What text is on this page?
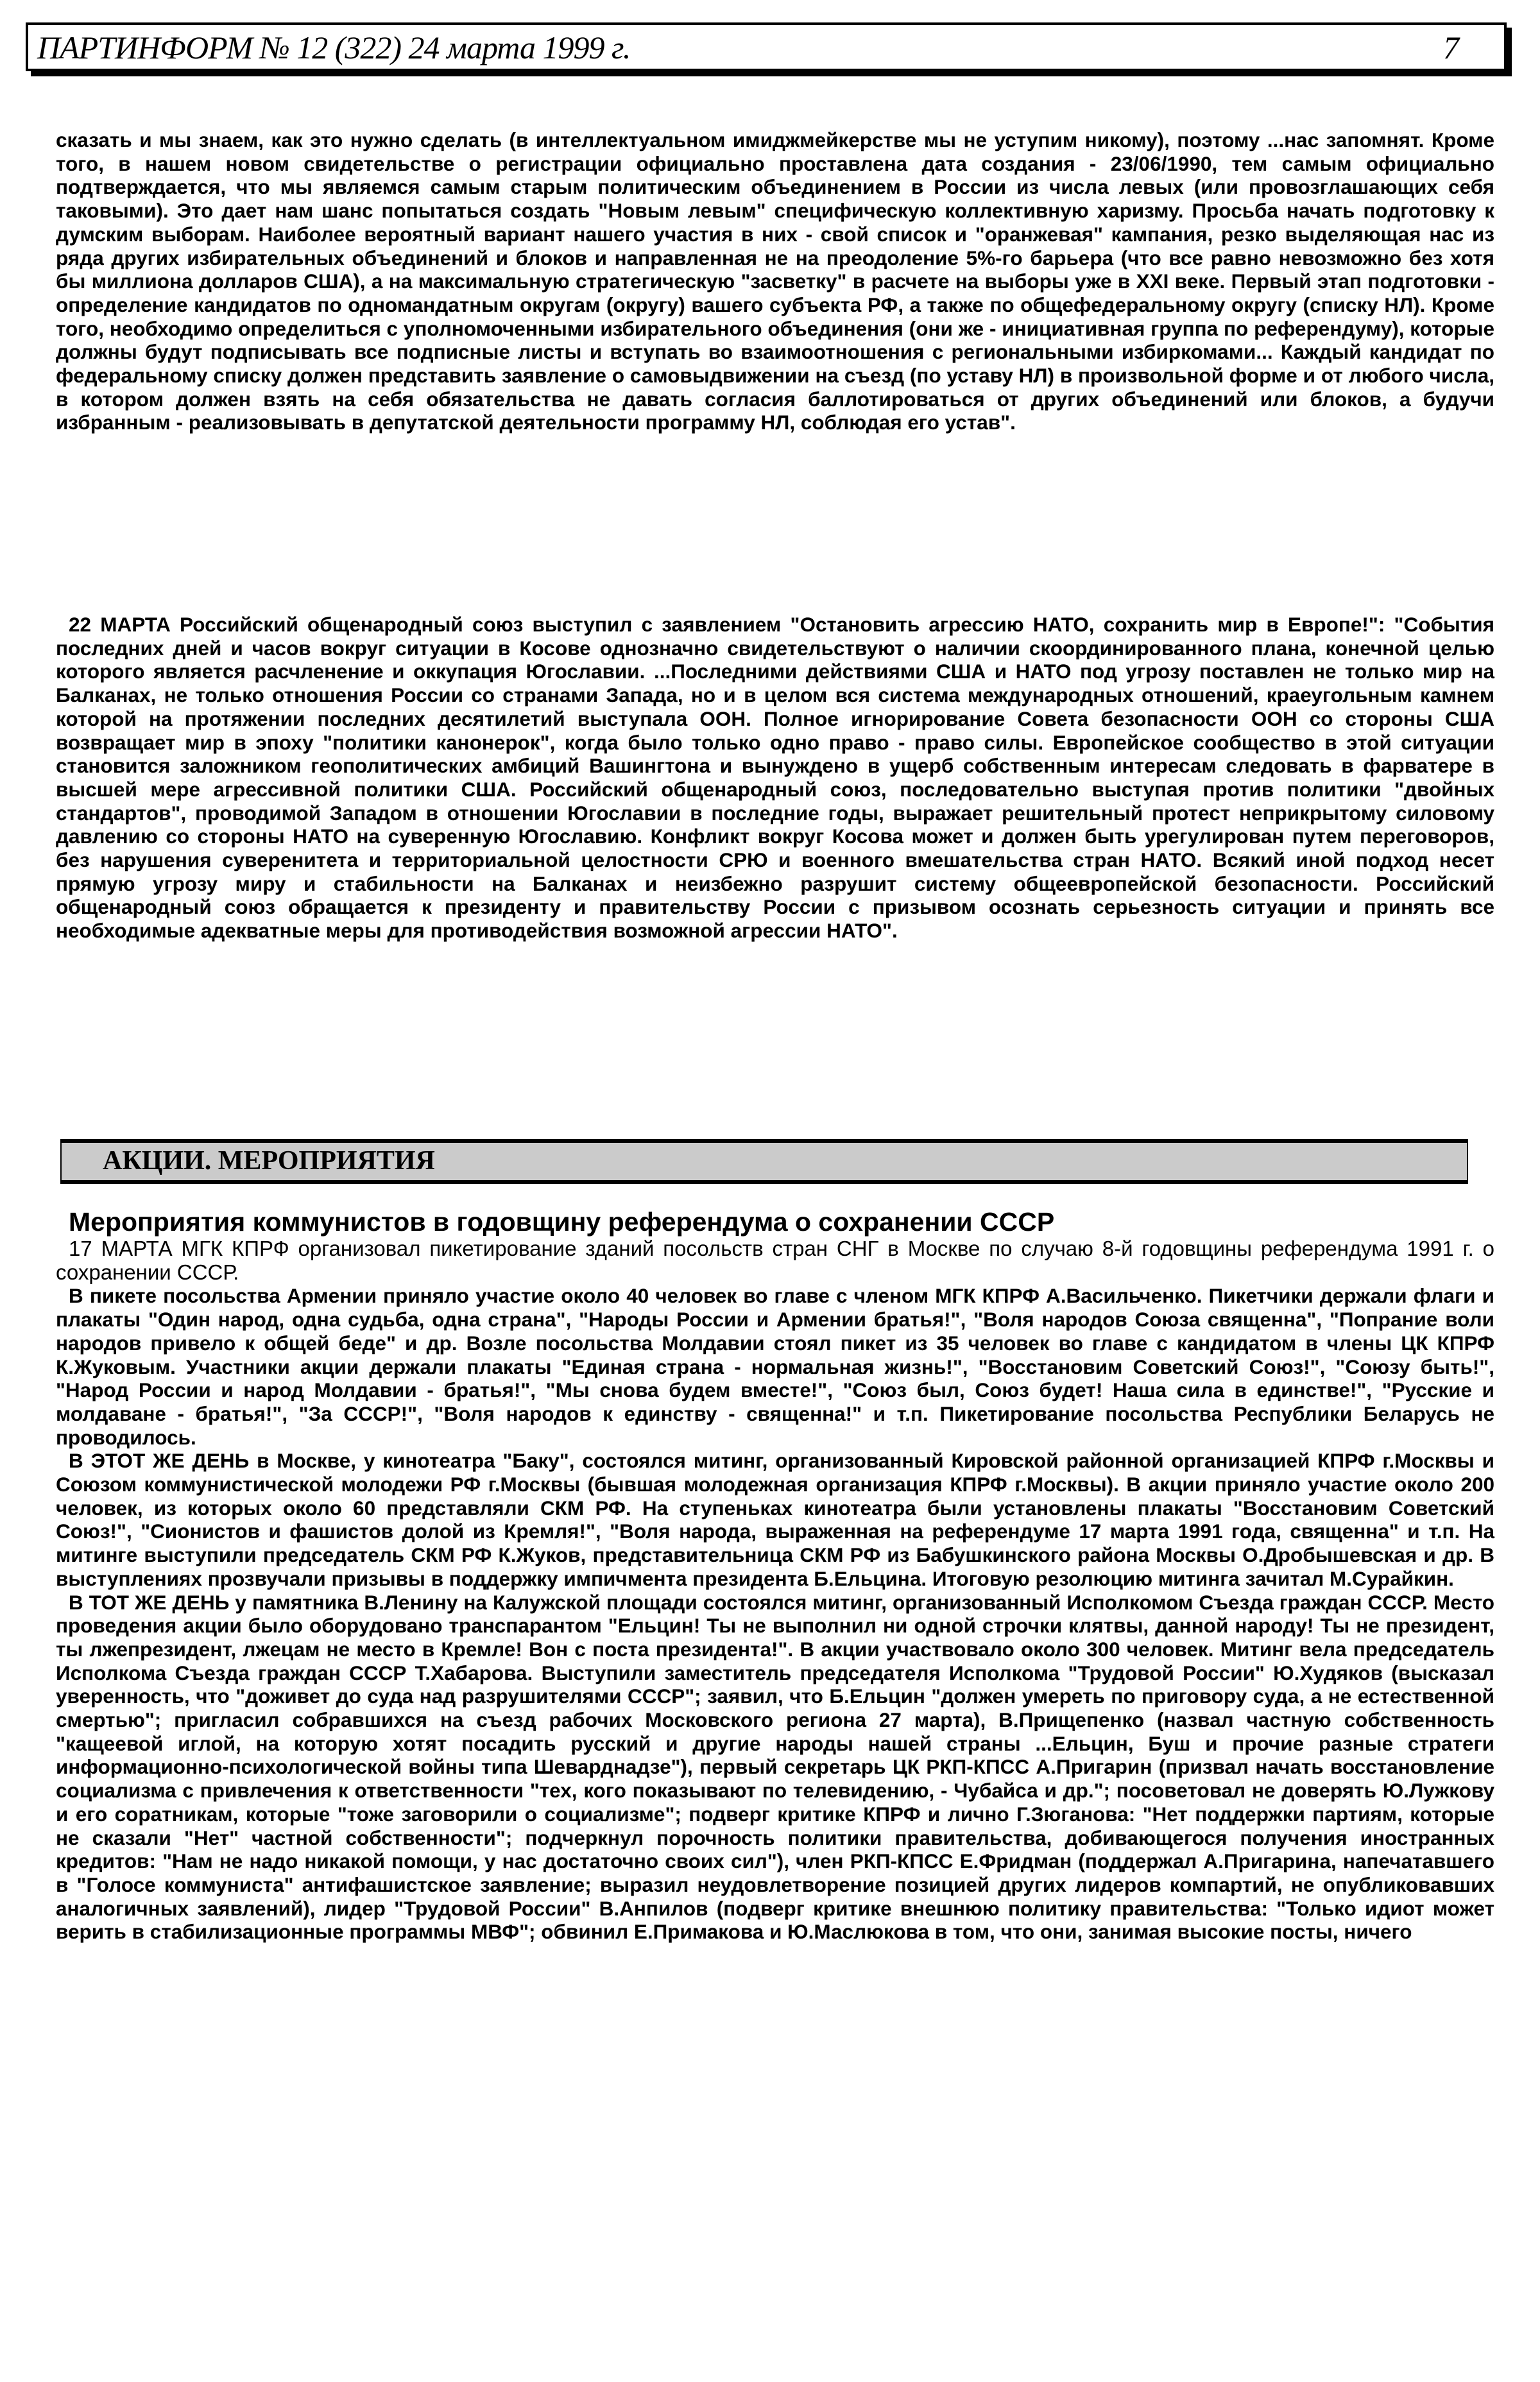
ПАРТИНФОРМ № 12 (322) 24 марта 1999 г.	7

сказать и мы знаем, как это нужно сделать (в интеллектуальном имиджмейкерстве мы не уступим никому), поэтому ...нас запомнят. Кроме того, в нашем новом свидетельстве о регистрации официально проставлена дата создания - 23/06/1990, тем самым официально подтверждается, что мы являемся самым старым политическим объединением в России из числа левых (или провозглашающих себя таковыми). Это дает нам шанс попытаться создать "Новым левым" специфическую коллективную харизму. Просьба начать подготовку к думским выборам. Наиболее вероятный вариант нашего участия в них - свой список и "оранжевая" кампания, резко выделяющая нас из ряда других избирательных объединений и блоков и направленная не на преодоление 5%-го барьера (что все равно невозможно без хотя бы миллиона долларов США), а на максимальную стратегическую "засветку" в расчете на выборы уже в XXI веке. Первый этап подготовки - определение кандидатов по одномандатным округам (округу) вашего субъекта РФ, а также по общефедеральному округу (списку НЛ). Кроме того, необходимо определиться с уполномоченными избирательного объединения (они же - инициативная группа по референдуму), которые должны будут подписывать все подписные листы и вступать во взаимоотношения с региональными избиркомами... Каждый кандидат по федеральному списку должен представить заявление о самовыдвижении на съезд (по уставу НЛ) в произвольной форме и от любого числа, в котором должен взять на себя обязательства не давать согласия баллотироваться от других объединений или блоков, а будучи избранным - реализовывать в депутатской деятельности программу НЛ, соблюдая его устав".

22 МАРТА Российский общенародный союз выступил с заявлением "Остановить агрессию НАТО, сохранить мир в Европе!": "События последних дней и часов вокруг ситуации в Косове однозначно свидетельствуют о наличии скоординированного плана, конечной целью которого является расчленение и оккупация Югославии. ...Последними действиями США и НАТО под угрозу поставлен не только мир на Балканах, не только отношения России со странами Запада, но и в целом вся система международных отношений, краеугольным камнем которой на протяжении последних десятилетий выступала ООН. Полное игнорирование Совета безопасности ООН со стороны США возвращает мир в эпоху "политики канонерок", когда было только одно право - право силы. Европейское сообщество в этой ситуации становится заложником геополитических амбиций Вашингтона и вынуждено в ущерб собственным интересам следовать в фарватере в высшей мере агрессивной политики США. Российский общенародный союз, последовательно выступая против политики "двойных стандартов", проводимой Западом в отношении Югославии в последние годы, выражает решительный протест неприкрытому силовому давлению со стороны НАТО на суверенную Югославию. Конфликт вокруг Косова может и должен быть урегулирован путем переговоров, без нарушения суверенитета и территориальной целостности СРЮ и военного вмешательства стран НАТО. Всякий иной подход несет прямую угрозу миру и стабильности на Балканах и неизбежно разрушит систему общеевропейской безопасности. Российский общенародный союз обращается к президенту и правительству России с призывом осознать серьезность ситуации и принять все необходимые адекватные меры для противодействия возможной агрессии НАТО".

АКЦИИ. МЕРОПРИЯТИЯ
Мероприятия коммунистов в годовщину референдума о сохранении СССР

17 МАРТА МГК КПРФ организовал пикетирование зданий посольств стран СНГ в Москве по случаю 8-й годовщины референдума 1991 г. о сохранении СССР.

В пикете посольства Армении приняло участие около 40 человек во главе с членом МГК КПРФ А.Васильченко. Пикетчики держали флаги и плакаты "Один народ, одна судьба, одна страна", "Народы России и Армении братья!", "Воля народов Союза священна", "Попрание воли народов привело к общей беде" и др. Возле посольства Молдавии стоял пикет из 35 человек во главе с кандидатом в члены ЦК КПРФ К.Жуковым. Участники акции держали плакаты "Единая страна - нормальная жизнь!", "Восстановим Советский Союз!", "Союзу быть!", "Народ России и народ Молдавии - братья!", "Мы снова будем вместе!", "Союз был, Союз будет! Наша сила в единстве!", "Русские и молдаване - братья!", "За СССР!", "Воля народов к единству - священна!" и т.п. Пикетирование посольства Республики Беларусь не проводилось.

В ЭТОТ ЖЕ ДЕНЬ в Москве, у кинотеатра "Баку", состоялся митинг, организованный Кировской районной организацией КПРФ г.Москвы и Союзом коммунистической молодежи РФ г.Москвы (бывшая молодежная организация КПРФ г.Москвы). В акции приняло участие около 200 человек, из которых около 60 представляли СКМ РФ. На ступеньках кинотеатра были установлены плакаты "Восстановим Советский Союз!", "Сионистов и фашистов долой из Кремля!", "Воля народа, выраженная на референдуме 17 марта 1991 года, священна" и т.п. На митинге выступили председатель СКМ РФ К.Жуков, представительница СКМ РФ из Бабушкинского района Москвы О.Дробышевская и др. В выступлениях прозвучали призывы в поддержку импичмента президента Б.Ельцина. Итоговую резолюцию митинга зачитал М.Сурайкин.

В ТОТ ЖЕ ДЕНЬ у памятника В.Ленину на Калужской площади состоялся митинг, организованный Исполкомом Съезда граждан СССР. Место проведения акции было оборудовано транспарантом "Ельцин! Ты не выполнил ни одной строчки клятвы, данной народу! Ты не президент, ты лжепрезидент, лжецам не место в Кремле! Вон с поста президента!". В акции участвовало около 300 человек. Митинг вела председатель Исполкома Съезда граждан СССР Т.Хабарова. Выступили заместитель председателя Исполкома "Трудовой России" Ю.Худяков (высказал уверенность, что "доживет до суда над разрушителями СССР"; заявил, что Б.Ельцин "должен умереть по приговору суда, а не естественной смертью"; пригласил собравшихся на съезд рабочих Московского региона 27 марта), В.Прищепенко (назвал частную собственность "кащеевой иглой, на которую хотят посадить русский и другие народы нашей страны ...Ельцин, Буш и прочие разные стратеги информационно-психологической войны типа Шеварднадзе"), первый секретарь ЦК РКП-КПСС А.Пригарин (призвал начать восстановление социализма с привлечения к ответственности "тех, кого показывают по телевидению, - Чубайса и др."; посоветовал не доверять Ю.Лужкову и его соратникам, которые "тоже заговорили о социализме"; подверг критике КПРФ и лично Г.Зюганова: "Нет поддержки партиям, которые не сказали "Нет" частной собственности"; подчеркнул порочность политики правительства, добивающегося получения иностранных кредитов: "Нам не надо никакой помощи, у нас достаточно своих сил"), член РКП-КПСС Е.Фридман (поддержал А.Пригарина, напечатавшего в "Голосе коммуниста" антифашистское заявление; выразил неудовлетворение позицией других лидеров компартий, не опубликовавших аналогичных заявлений), лидер "Трудовой России" В.Анпилов (подверг критике внешнюю политику правительства: "Только идиот может верить в стабилизационные программы МВФ"; обвинил Е.Примакова и Ю.Маслюкова в том, что они, занимая высокие посты, ничего
